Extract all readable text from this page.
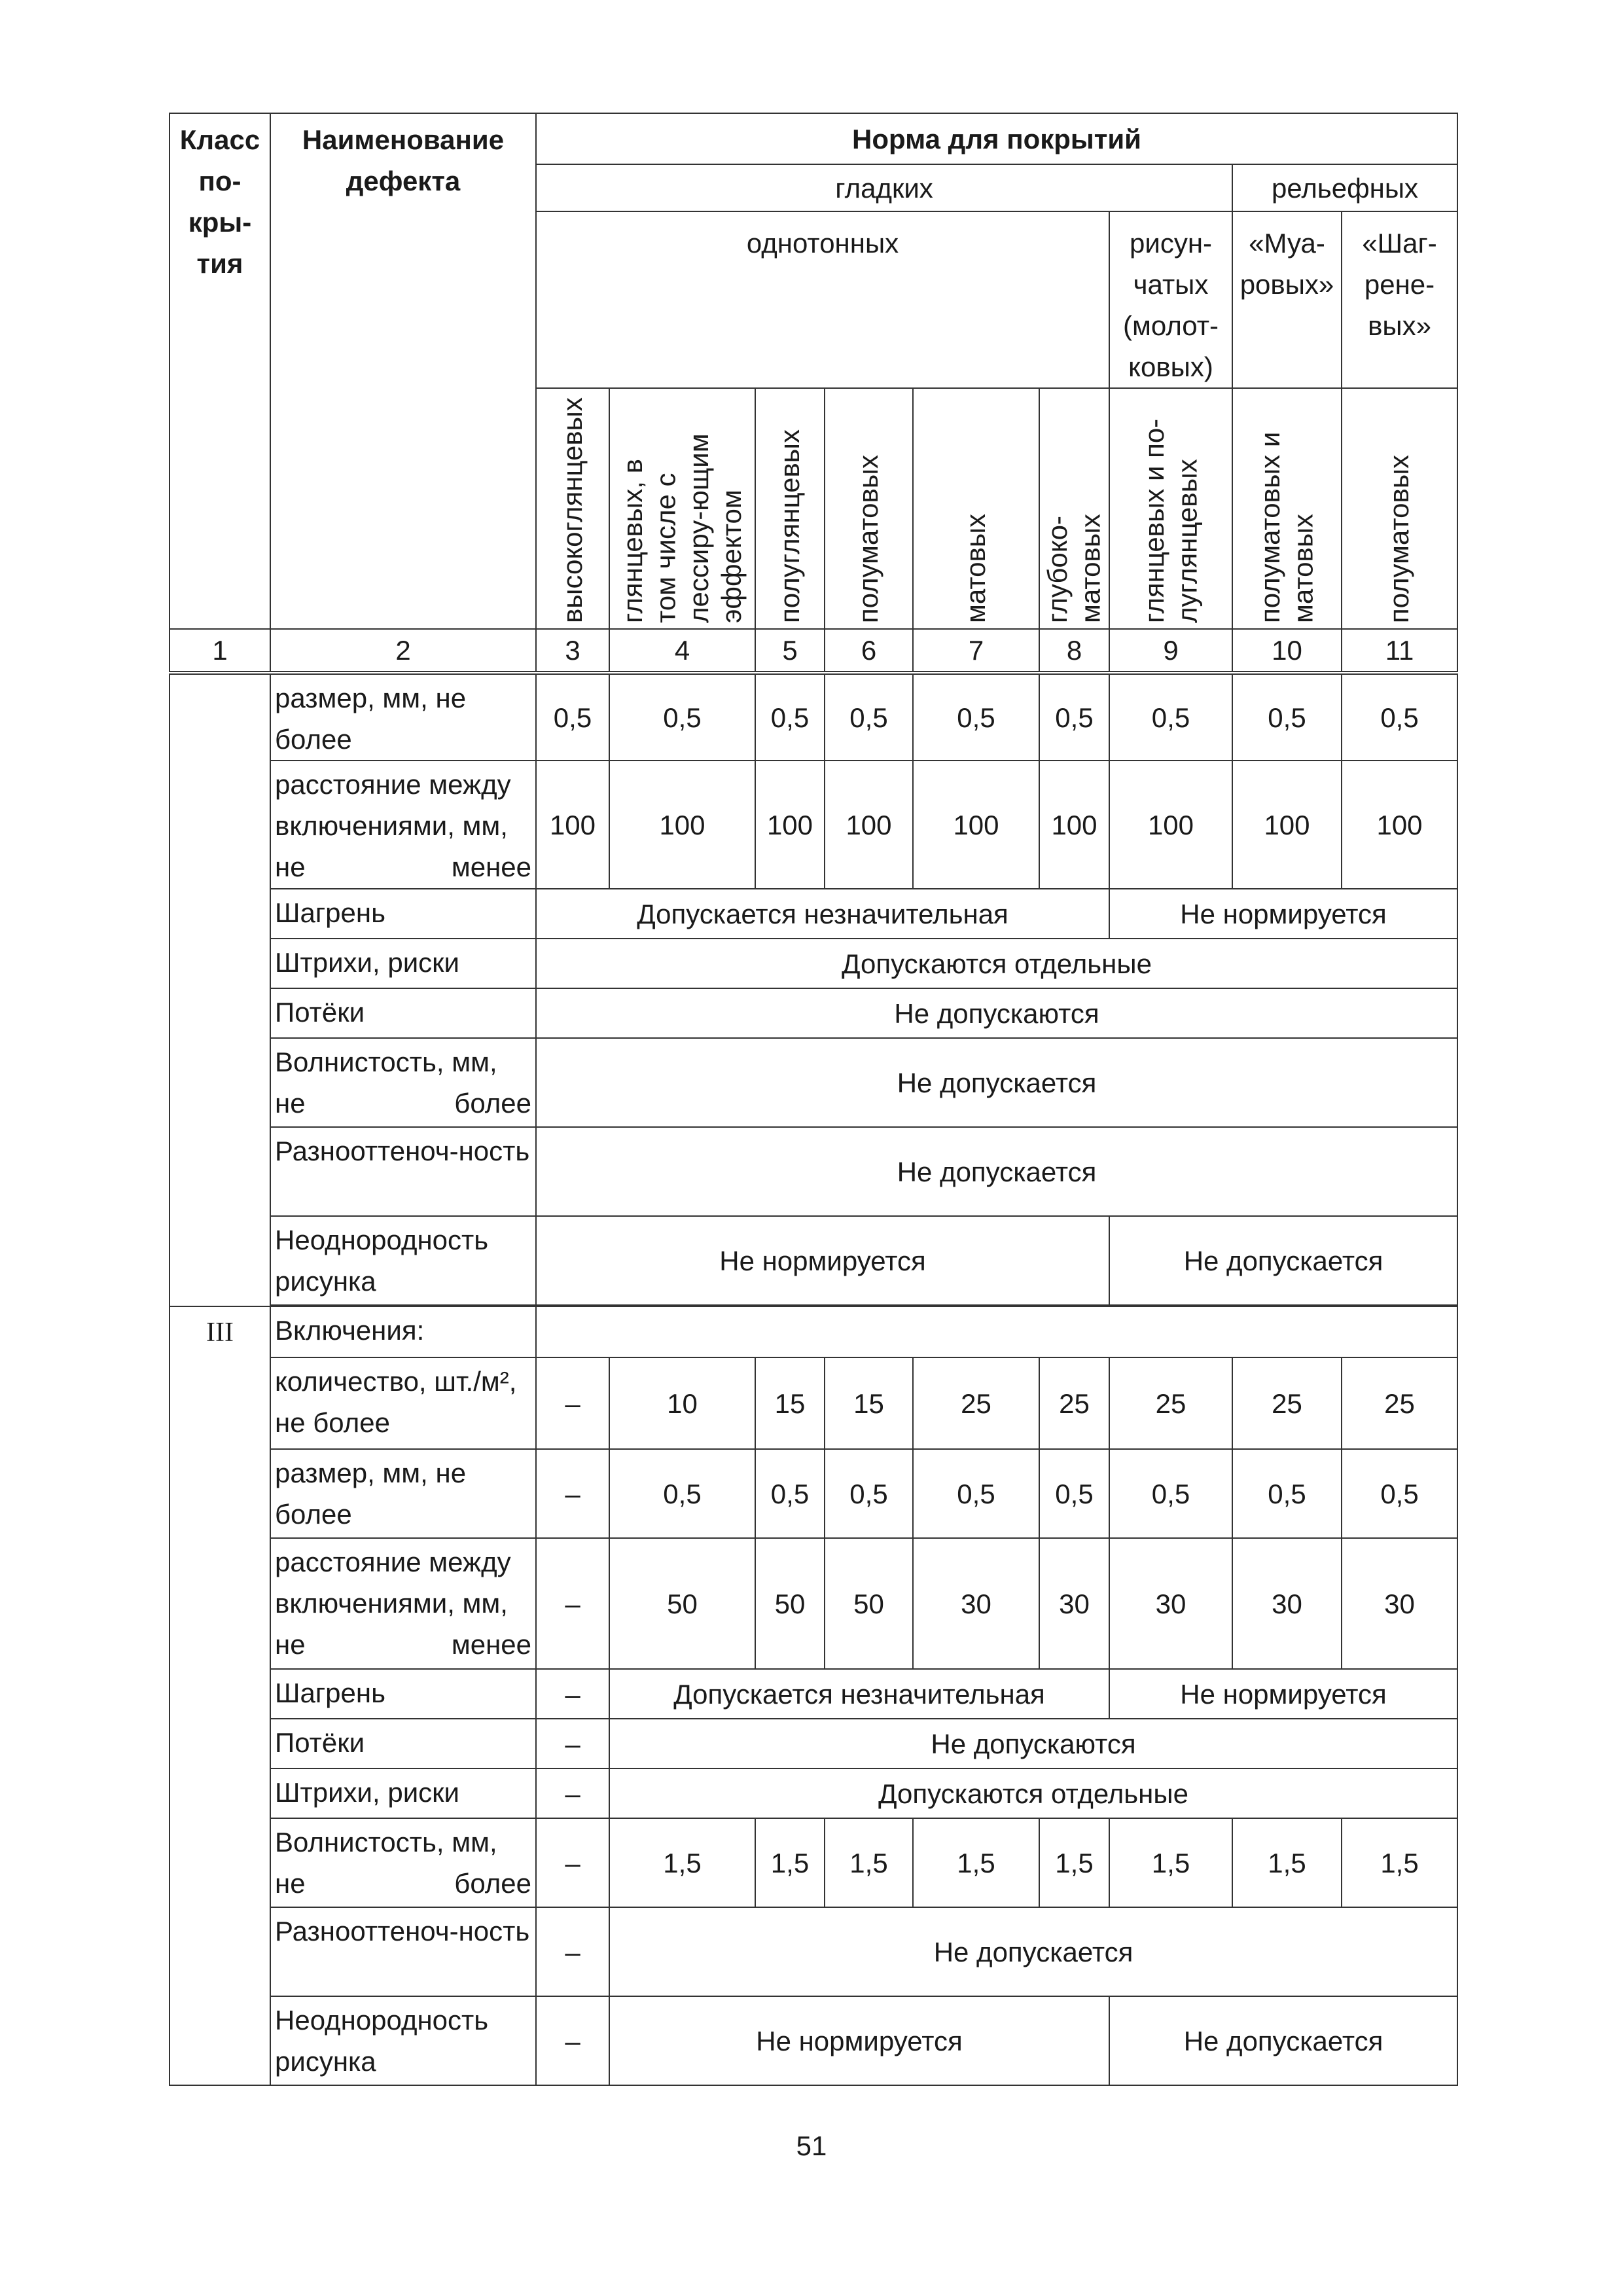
Класс по-кры-тия	Наименование дефекта	Норма для покрытий								
		гладких							рельефных	
		однотонных						рисун-чатых (молот-ковых)	«Муа-ровых»	«Шаг-рене-вых»

		высокоглянцевых	глянцевых, в том числе с лессиру-ющим эффектом	полуглянцевых	полуматовых	матовых	глубоко-матовых	глянцевых и по-луглянцевых	полуматовых и матовых	полуматовых

1	2	3	4	5	6	7	8	9	10	11
	размер, мм, не более	0,5	0,5	0,5	0,5	0,5	0,5	0,5	0,5	0,5
	расстояние между включениями, мм, не менее	100	100	100	100	100	100	100	100	100
	Шагрень	Допускается незначительная						Не нормируется		
	Штрихи, риски	Допускаются отдельные								
	Потёки	Не допускаются								
	Волнистость, мм, не более	Не допускается								
	Разнооттеноч-ность	Не допускается								
	Неоднородность рисунка	Не нормируется						Не допускается		

III	Включения:									
	количество, шт./м², не более	–	10	15	15	25	25	25	25	25
	размер, мм, не более	–	0,5	0,5	0,5	0,5	0,5	0,5	0,5	0,5
	расстояние между включениями, мм, не менее	–	50	50	50	30	30	30	30	30
	Шагрень	–	Допускается незначительная					Не нормируется		
	Потёки	–	Не допускаются							
	Штрихи, риски	–	Допускаются отдельные							
	Волнистость, мм, не более	–	1,5	1,5	1,5	1,5	1,5	1,5	1,5	1,5
	Разнооттеноч-ность	–	Не допускается							
	Неоднородность рисунка	–	Не нормируется					Не допускается		
51
